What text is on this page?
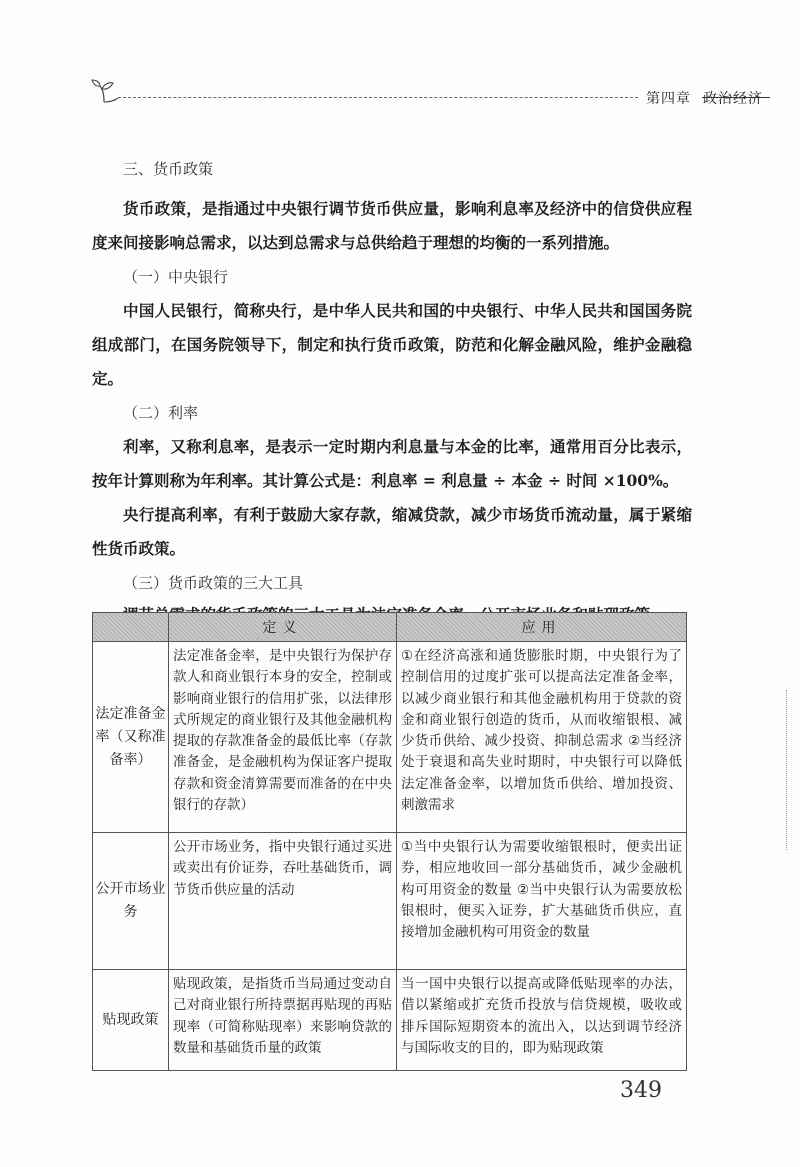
第四章 政治经济
三、货币政策

货币政策，是指通过中央银行调节货币供应量，影响利息率及经济中的信贷供应程度来间接影响总需求，以达到总需求与总供给趋于理想的均衡的一系列措施。

（一）中央银行

中国人民银行，简称央行，是中华人民共和国的中央银行、中华人民共和国国务院组成部门，在国务院领导下，制定和执行货币政策，防范和化解金融风险，维护金融稳定。

（二）利率

利率，又称利息率，是表示一定时期内利息量与本金的比率，通常用百分比表示，按年计算则称为年利率。其计算公式是：利息率 = 利息量 ÷ 本金 ÷ 时间 ×100%。

央行提高利率，有利于鼓励大家存款，缩减贷款，减少市场货币流动量，属于紧缩性货币政策。

（三）货币政策的三大工具

	定义	应用
法定准备金率（又称准备率）	法定准备金率，是中央银行为保护存款人和商业银行本身的安全，控制或影响商业银行的信用扩张，以法律形式所规定的商业银行及其他金融机构提取的存款准备金的最低比率（存款准备金，是金融机构为保证客户提取存款和资金清算需要而准备的在中央银行的存款）	①在经济高涨和通货膨胀时期，中央银行为了控制信用的过度扩张可以提高法定准备金率，以减少商业银行和其他金融机构用于贷款的资金和商业银行创造的货币，从而收缩银根、减少货币供给、减少投资、抑制总需求 ②当经济处于衰退和高失业时期时，中央银行可以降低法定准备金率，以增加货币供给、增加投资、刺激需求
公开市场业务	公开市场业务，指中央银行通过买进或卖出有价证券，吞吐基础货币，调节货币供应量的活动	①当中央银行认为需要收缩银根时，便卖出证券，相应地收回一部分基础货币，减少金融机构可用资金的数量 ②当中央银行认为需要放松银根时，便买入证券，扩大基础货币供应，直接增加金融机构可用资金的数量
贴现政策	贴现政策，是指货币当局通过变动自己对商业银行所持票据再贴现的再贴现率（可简称贴现率）来影响贷款的数量和基础货币量的政策	当一国中央银行以提高或降低贴现率的办法，借以紧缩或扩充货币投放与信贷规模，吸收或排斥国际短期资本的流出入，以达到调节经济与国际收支的目的，即为贴现政策
349
